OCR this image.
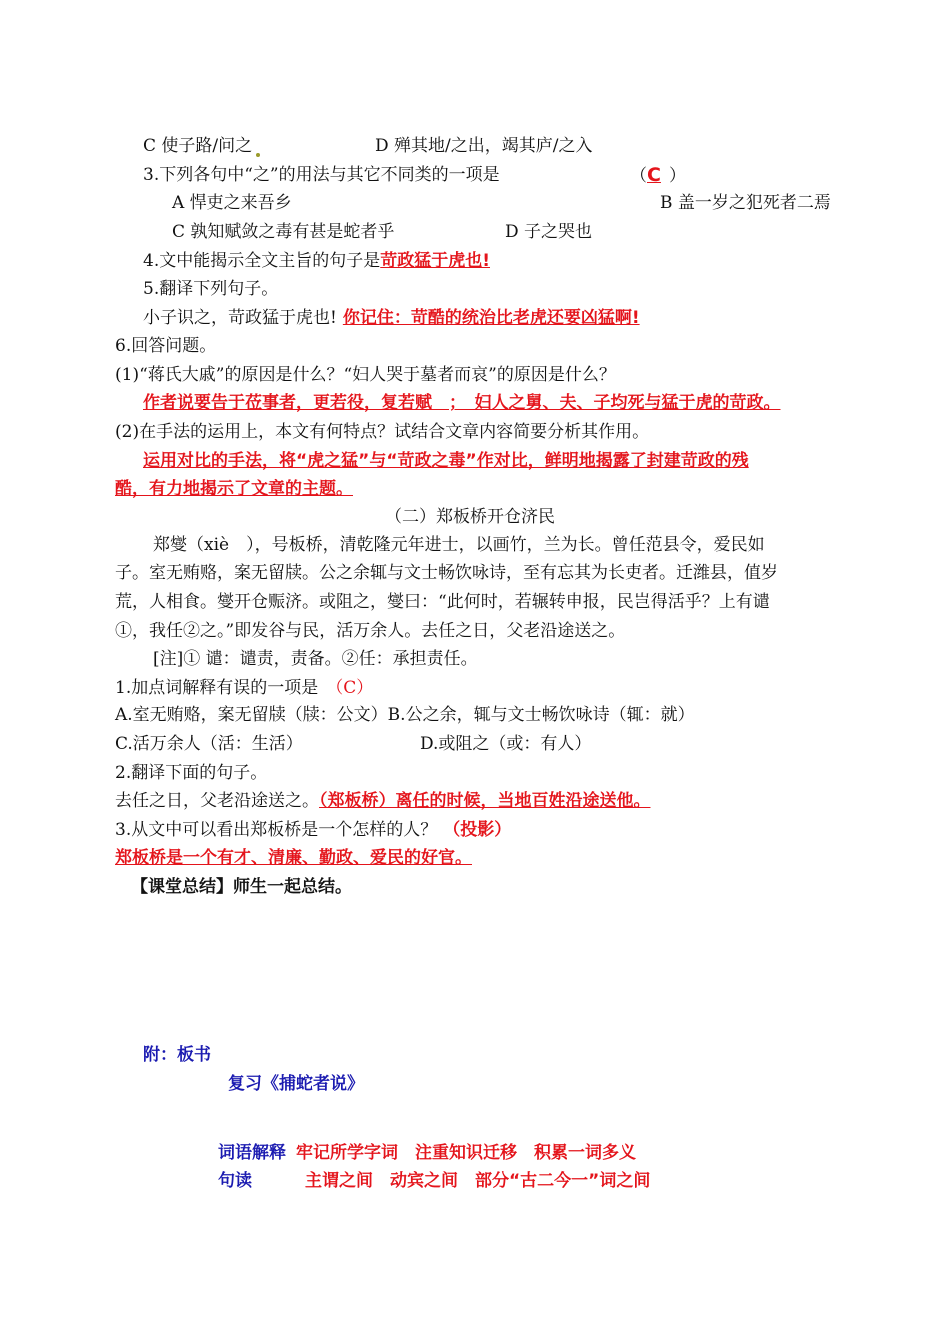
C 使子路/问之	D 殚其地/之出，竭其庐/之入
3.下列各句中“之”的用法与其它不同类的一项是	（C ）
A 悍吏之来吾乡	B 盖一岁之犯死者二焉
C 孰知赋敛之毒有甚是蛇者乎	D 子之哭也
4.文中能揭示全文主旨的句子是苛政猛于虎也!
5.翻译下列句子。
小子识之，苛政猛于虎也! 你记住：苛酷的统治比老虎还要凶猛啊!
6.回答问题。
(1)“蒋氏大戚”的原因是什么？“妇人哭于墓者而哀”的原因是什么？
作者说要告于莅事者，更若役，复若赋　；　妇人之舅、夫、子均死与猛于虎的苛政。
(2)在手法的运用上，本文有何特点？试结合文章内容简要分析其作用。
运用对比的手法，将“虎之猛”与“苛政之毒”作对比，鲜明地揭露了封建苛政的残
酷，有力地揭示了文章的主题。
（二）郑板桥开仓济民
郑燮（xiè　），号板桥，清乾隆元年进士，以画竹，兰为长。曾任范县令，爱民如
子。室无贿赂，案无留牍。公之余辄与文士畅饮咏诗，至有忘其为长吏者。迁潍县，值岁
荒，人相食。燮开仓赈济。或阻之，燮曰：“此何时，若辗转申报，民岂得活乎？上有谴
①，我任②之。”即发谷与民，活万余人。去任之日，父老沿途送之。
[注]① 谴：谴责，责备。②任：承担责任。
1.加点词解释有误的一项是 （C）
A.室无贿赂，案无留牍（牍：公文）B.公之余，辄与文士畅饮咏诗（辄：就）
C.活万余人（活：生活）	D.或阻之（或：有人）
2.翻译下面的句子。
去任之日，父老沿途送之。（郑板桥）离任的时候，当地百姓沿途送他。
3.从文中可以看出郑板桥是一个怎样的人？ （投影）
郑板桥是一个有才、清廉、勤政、爱民的好官。
【课堂总结】师生一起总结。
附：板书
复习《捕蛇者说》
词语解释 牢记所学字词　注重知识迁移　积累一词多义
句读	主谓之间　动宾之间　部分“古二今一”词之间
